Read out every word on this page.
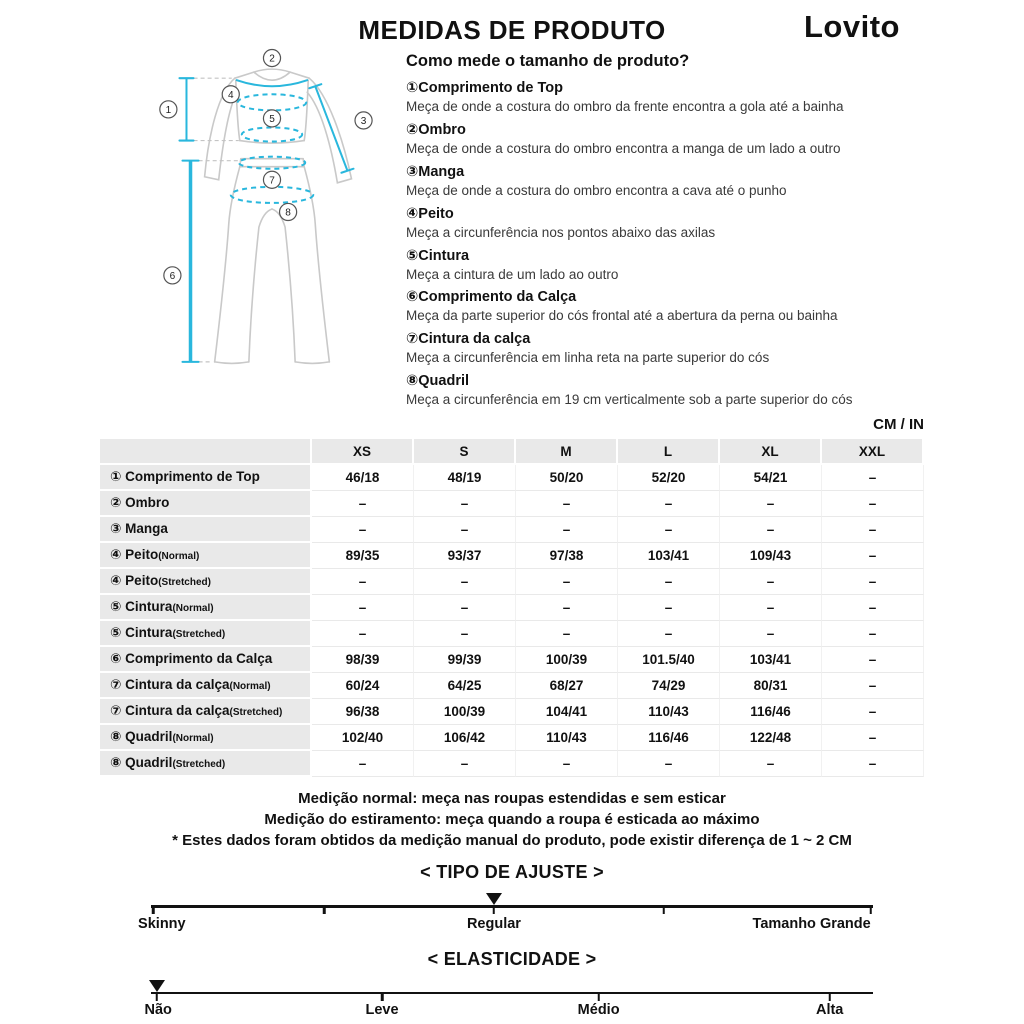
MEDIDAS DE PRODUTO	Lovito
1
2
3
4
5
6
7
8
Como mede o tamanho de produto?
①Comprimento de Top
Meça de onde a costura do ombro da frente encontra a gola até a bainha
②Ombro
Meça de onde a costura do ombro encontra a manga de um lado a outro
③Manga
Meça de onde a costura do ombro encontra a cava até o punho
④Peito
Meça a circunferência nos pontos abaixo das axilas
⑤Cintura
Meça a cintura de um lado ao outro
⑥Comprimento da Calça
Meça da parte superior do cós frontal até a abertura da perna ou bainha
⑦Cintura da calça
Meça a circunferência em linha reta na parte superior do cós
⑧Quadril
Meça a circunferência em 19 cm verticalmente sob a parte superior do cós
CM / IN
	XS	S	M	L	XL	XXL
① Comprimento de Top	46/18	48/19	50/20	52/20	54/21	–
② Ombro	–	–	–	–	–	–
③ Manga	–	–	–	–	–	–
④ Peito(Normal)	89/35	93/37	97/38	103/41	109/43	–
④ Peito(Stretched)	–	–	–	–	–	–
⑤ Cintura(Normal)	–	–	–	–	–	–
⑤ Cintura(Stretched)	–	–	–	–	–	–
⑥ Comprimento da Calça	98/39	99/39	100/39	101.5/40	103/41	–
⑦ Cintura da calça(Normal)	60/24	64/25	68/27	74/29	80/31	–
⑦ Cintura da calça(Stretched)	96/38	100/39	104/41	110/43	116/46	–
⑧ Quadril(Normal)	102/40	106/42	110/43	116/46	122/48	–
⑧ Quadril(Stretched)	–	–	–	–	–	–
Medição normal: meça nas roupas estendidas e sem esticar
Medição do estiramento: meça quando a roupa é esticada ao máximo
* Estes dados foram obtidos da medição manual do produto, pode existir diferença de 1 ~ 2 CM
< TIPO DE AJUSTE >
Skinny	Regular	Tamanho Grande
< ELASTICIDADE >
Não	Leve	Médio	Alta
